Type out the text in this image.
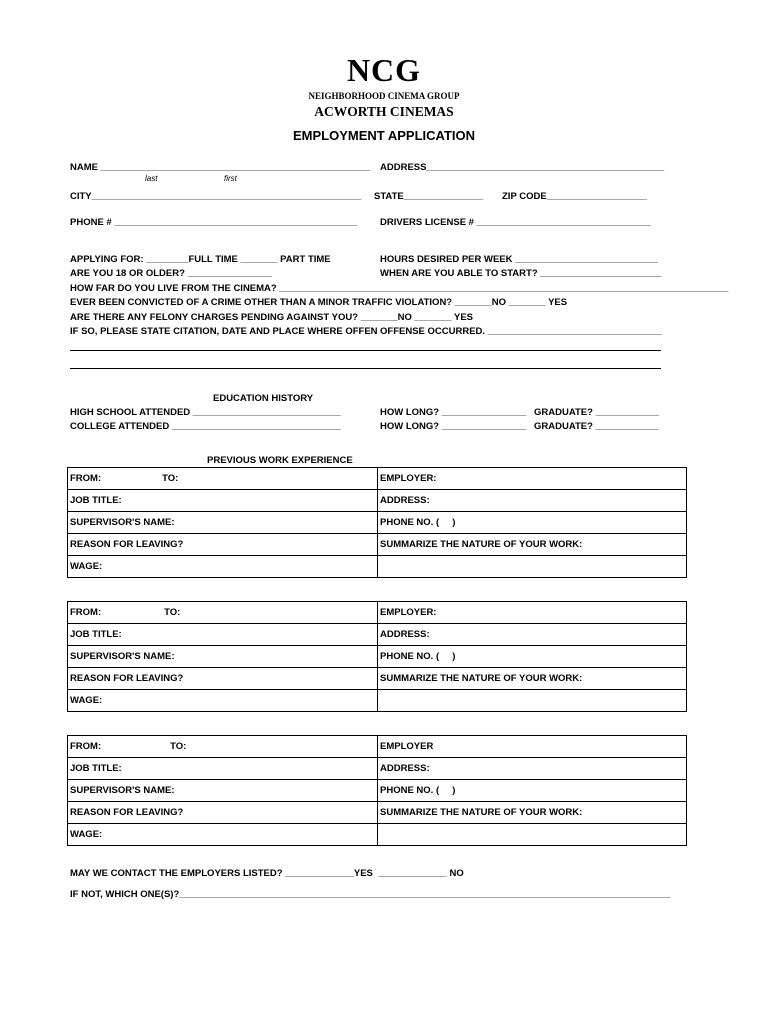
NCG
NEIGHBORHOOD CINEMA GROUP
ACWORTH CINEMAS
EMPLOYMENT APPLICATION
NAME ___________________________________________________
last	first
ADDRESS_____________________________________________
CITY___________________________________________________ STATE_______________ ZIP CODE___________________
PHONE # ______________________________________________ DRIVERS LICENSE # _________________________________
APPLYING FOR: ________FULL TIME _______ PART TIME	HOURS DESIRED PER WEEK ___________________________
ARE YOU 18 OR OLDER? ________________	WHEN ARE YOU ABLE TO START? _______________________
HOW FAR DO YOU LIVE FROM THE CINEMA? _____________________________________________________________________________________
EVER BEEN CONVICTED OF A CRIME OTHER THAN A MINOR TRAFFIC VIOLATION? _______NO _______ YES
ARE THERE ANY FELONY CHARGES PENDING AGAINST YOU? _______NO _______ YES
IF SO, PLEASE STATE CITATION, DATE AND PLACE WHERE OFFEN OFFENSE OCCURRED. _________________________________
EDUCATION HISTORY
HIGH SCHOOL ATTENDED ____________________________	HOW LONG? ________________ GRADUATE? ____________
COLLEGE ATTENDED ________________________________	HOW LONG? ________________ GRADUATE? ____________
PREVIOUS WORK EXPERIENCE
FROM: TO:	EMPLOYER:
JOB TITLE:	ADDRESS:
SUPERVISOR'S NAME:	PHONE NO. (     )
REASON FOR LEAVING?	SUMMARIZE THE NATURE OF YOUR WORK:
WAGE:	
FROM: TO:	EMPLOYER:
JOB TITLE:	ADDRESS:
SUPERVISOR'S NAME:	PHONE NO. (     )
REASON FOR LEAVING?	SUMMARIZE THE NATURE OF YOUR WORK:
WAGE:	
FROM: TO:	EMPLOYER
JOB TITLE:	ADDRESS:
SUPERVISOR'S NAME:	PHONE NO. (     )
REASON FOR LEAVING?	SUMMARIZE THE NATURE OF YOUR WORK:
WAGE:	
MAY WE CONTACT THE EMPLOYERS LISTED? _____________YES  _____________ NO
IF NOT, WHICH ONE(S)?_____________________________________________________________________________________________
